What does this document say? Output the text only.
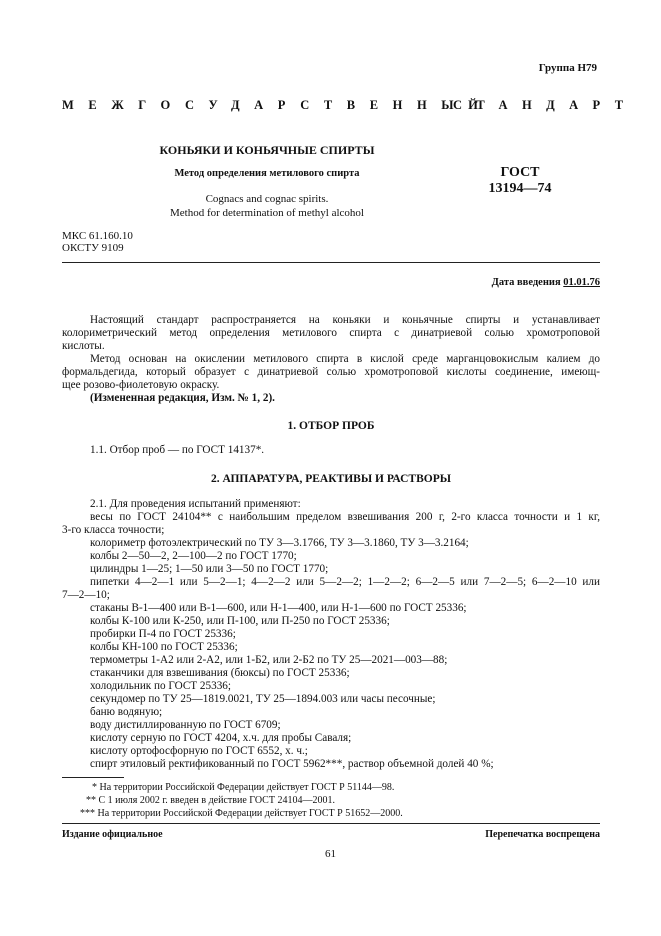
Группа Н79
МЕЖГОСУДАРСТВЕННЫЙ
СТАНДАРТ
КОНЬЯКИ И КОНЬЯЧНЫЕ СПИРТЫ
Метод определения метилового спирта
Cognacs and cognac spirits.
Method for determination of methyl alcohol
ГОСТ
13194—74
МКС 61.160.10
ОКСТУ 9109
Дата введения 01.01.76
Настоящий стандарт распространяется на коньяки и коньячные спирты и устанавливает
колориметрический метод определения метилового спирта с динатриевой солью хромотроповой
кислоты.
Метод основан на окислении метилового спирта в кислой среде марганцовокислым калием до
формальдегида, который образует с динатриевой солью хромотроповой кислоты соединение, имеющ-
щее розово-фиолетовую окраску.
(Измененная редакция, Изм. № 1, 2).
1. ОТБОР ПРОБ
1.1. Отбор проб — по ГОСТ 14137*.
2. АППАРАТУРА, РЕАКТИВЫ И РАСТВОРЫ
2.1. Для проведения испытаний применяют:
весы по ГОСТ 24104** с наибольшим пределом взвешивания 200 г, 2-го класса точности и 1 кг,
3-го класса точности;
колориметр фотоэлектрический по ТУ 3—3.1766, ТУ 3—3.1860, ТУ 3—3.2164;
колбы 2—50—2, 2—100—2 по ГОСТ 1770;
цилиндры 1—25; 1—50 или 3—50 по ГОСТ 1770;
пипетки 4—2—1 или 5—2—1; 4—2—2 или 5—2—2; 1—2—2; 6—2—5 или 7—2—5; 6—2—10 или
7—2—10;
стаканы В-1—400 или В-1—600, или Н-1—400, или Н-1—600 по ГОСТ 25336;
колбы К-100 или К-250, или П-100, или П-250 по ГОСТ 25336;
пробирки П-4 по ГОСТ 25336;
колбы КН-100 по ГОСТ 25336;
термометры 1-А2 или 2-А2, или 1-Б2, или 2-Б2 по ТУ 25—2021—003—88;
стаканчики для взвешивания (бюксы) по ГОСТ 25336;
холодильник по ГОСТ 25336;
секундомер по ТУ 25—1819.0021, ТУ 25—1894.003 или часы песочные;
баню водяную;
воду дистиллированную по ГОСТ 6709;
кислоту серную по ГОСТ 4204, х.ч. для пробы Саваля;
кислоту ортофосфорную по ГОСТ 6552, х. ч.;
спирт этиловый ректификованный по ГОСТ 5962***, раствор объемной долей 40 %;
* На территории Российской Федерации действует ГОСТ Р 51144—98.
** С 1 июля 2002 г. введен в действие ГОСТ 24104—2001.
*** На территории Российской Федерации действует ГОСТ Р 51652—2000.
Издание официальное	Перепечатка воспрещена
61
